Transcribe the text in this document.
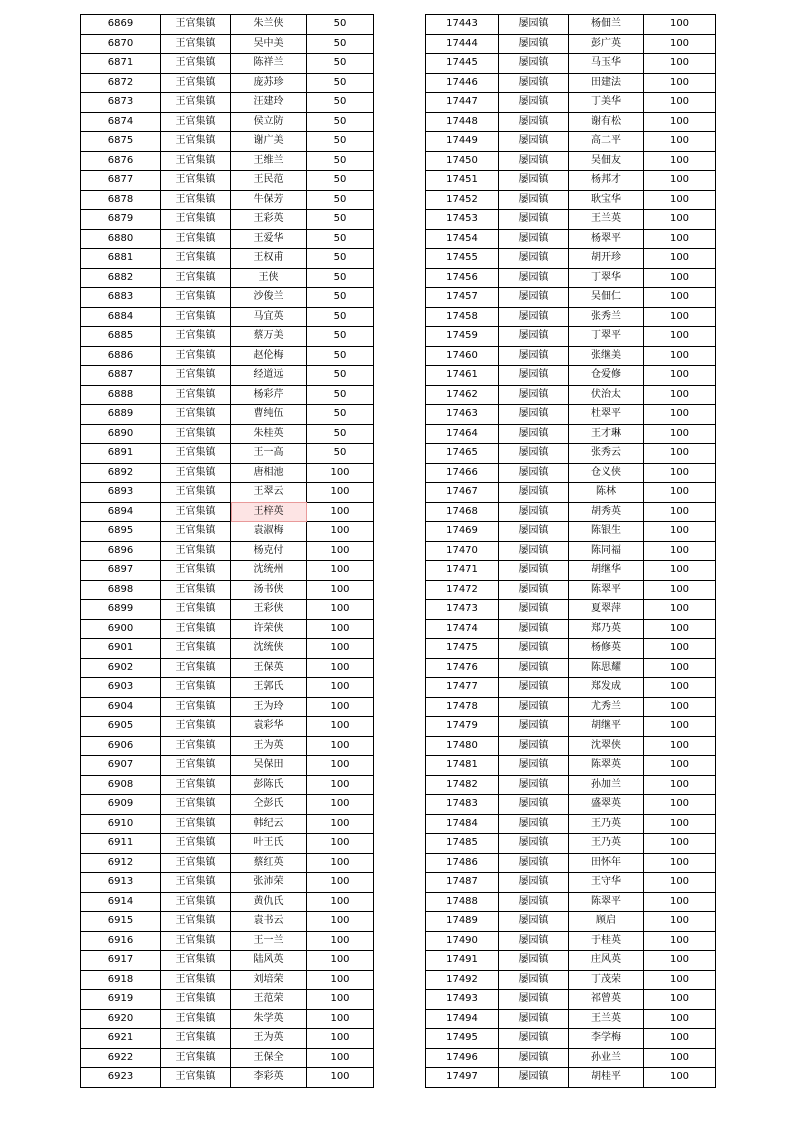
6869	王官集镇	朱兰侠	50
6870	王官集镇	吴中美	50
6871	王官集镇	陈祥兰	50
6872	王官集镇	庞苏珍	50
6873	王官集镇	汪建玲	50
6874	王官集镇	侯立防	50
6875	王官集镇	谢广美	50
6876	王官集镇	王维兰	50
6877	王官集镇	王民范	50
6878	王官集镇	牛保芳	50
6879	王官集镇	王彩英	50
6880	王官集镇	王爱华	50
6881	王官集镇	王权甫	50
6882	王官集镇	王侠	50
6883	王官集镇	沙俊兰	50
6884	王官集镇	马宜英	50
6885	王官集镇	蔡万美	50
6886	王官集镇	赵伦梅	50
6887	王官集镇	经道远	50
6888	王官集镇	杨彩芹	50
6889	王官集镇	曹纯伍	50
6890	王官集镇	朱桂英	50
6891	王官集镇	王一高	50
6892	王官集镇	唐相池	100
6893	王官集镇	王翠云	100
6894	王官集镇	王梓英	100
6895	王官集镇	袁淑梅	100
6896	王官集镇	杨克付	100
6897	王官集镇	沈统州	100
6898	王官集镇	汤书侠	100
6899	王官集镇	王彩侠	100
6900	王官集镇	许荣侠	100
6901	王官集镇	沈统侠	100
6902	王官集镇	王保英	100
6903	王官集镇	王郭氏	100
6904	王官集镇	王为玲	100
6905	王官集镇	袁彩华	100
6906	王官集镇	王为英	100
6907	王官集镇	吴保田	100
6908	王官集镇	彭陈氏	100
6909	王官集镇	仝彭氏	100
6910	王官集镇	韩纪云	100
6911	王官集镇	叶王氏	100
6912	王官集镇	蔡红英	100
6913	王官集镇	张沛荣	100
6914	王官集镇	黄仇氏	100
6915	王官集镇	袁书云	100
6916	王官集镇	王一兰	100
6917	王官集镇	陆风英	100
6918	王官集镇	刘培荣	100
6919	王官集镇	王范荣	100
6920	王官集镇	朱学英	100
6921	王官集镇	王为英	100
6922	王官集镇	王保全	100
6923	王官集镇	李彩英	100
17443	屡园镇	杨佃兰	100
17444	屡园镇	彭广英	100
17445	屡园镇	马玉华	100
17446	屡园镇	田建法	100
17447	屡园镇	丁美华	100
17448	屡园镇	谢有松	100
17449	屡园镇	高二平	100
17450	屡园镇	吴佃友	100
17451	屡园镇	杨邦才	100
17452	屡园镇	耿宝华	100
17453	屡园镇	王兰英	100
17454	屡园镇	杨翠平	100
17455	屡园镇	胡开珍	100
17456	屡园镇	丁翠华	100
17457	屡园镇	吴佃仁	100
17458	屡园镇	张秀兰	100
17459	屡园镇	丁翠平	100
17460	屡园镇	张继美	100
17461	屡园镇	仓爱修	100
17462	屡园镇	伏治太	100
17463	屡园镇	杜翠平	100
17464	屡园镇	王才琳	100
17465	屡园镇	张秀云	100
17466	屡园镇	仓义侠	100
17467	屡园镇	陈林	100
17468	屡园镇	胡秀英	100
17469	屡园镇	陈银生	100
17470	屡园镇	陈同福	100
17471	屡园镇	胡继华	100
17472	屡园镇	陈翠平	100
17473	屡园镇	夏翠萍	100
17474	屡园镇	郑乃英	100
17475	屡园镇	杨修英	100
17476	屡园镇	陈思耀	100
17477	屡园镇	郑发成	100
17478	屡园镇	尤秀兰	100
17479	屡园镇	胡继平	100
17480	屡园镇	沈翠侠	100
17481	屡园镇	陈翠英	100
17482	屡园镇	孙加兰	100
17483	屡园镇	盛翠英	100
17484	屡园镇	王乃英	100
17485	屡园镇	王乃英	100
17486	屡园镇	田怀年	100
17487	屡园镇	王守华	100
17488	屡园镇	陈翠平	100
17489	屡园镇	顾启	100
17490	屡园镇	于桂英	100
17491	屡园镇	庄风英	100
17492	屡园镇	丁茂荣	100
17493	屡园镇	祁曾英	100
17494	屡园镇	王兰英	100
17495	屡园镇	李学梅	100
17496	屡园镇	孙业兰	100
17497	屡园镇	胡桂平	100
